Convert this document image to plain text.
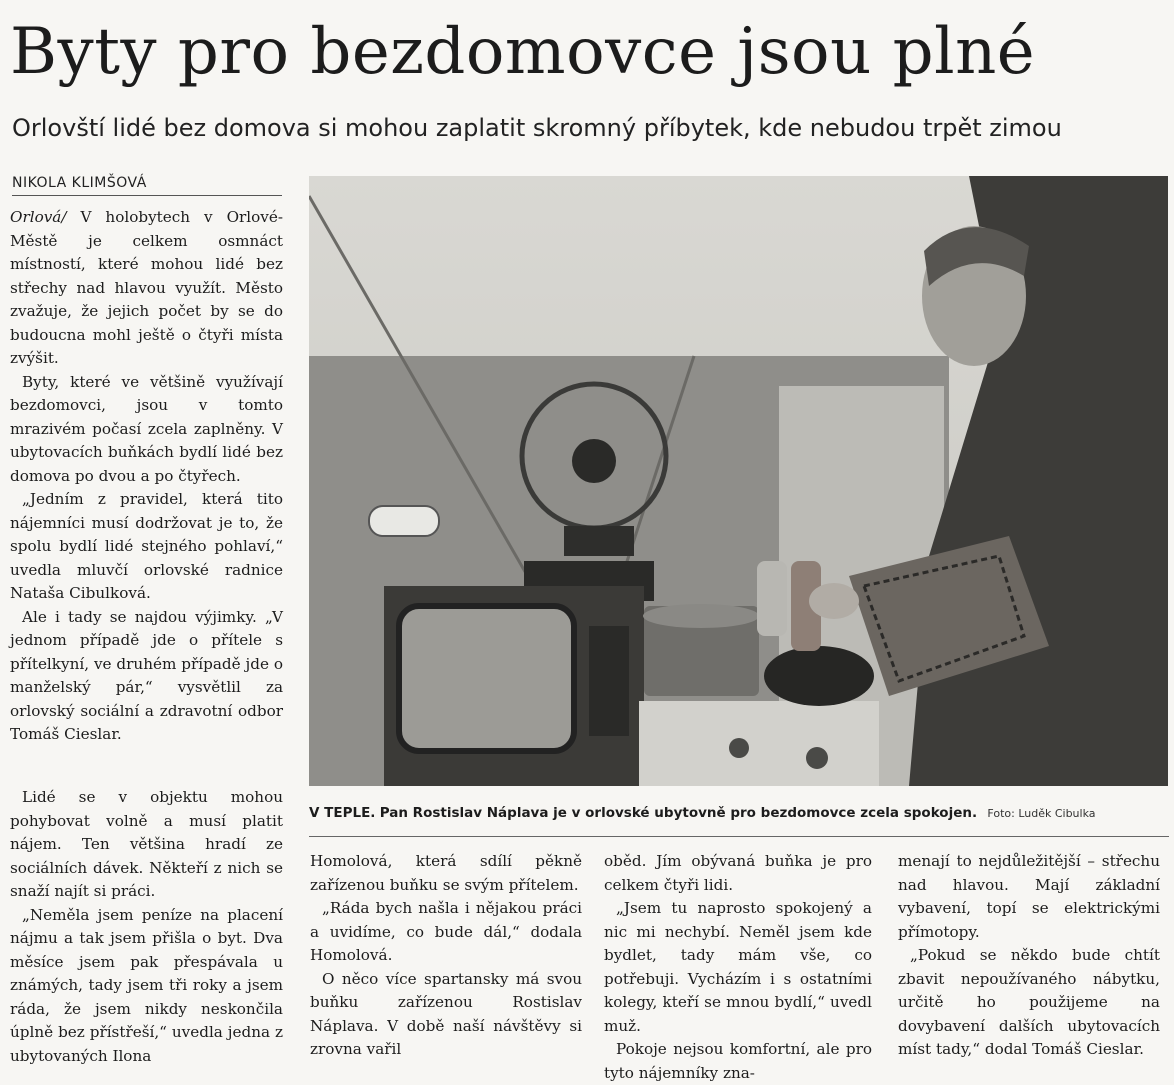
Byty pro bezdomovce jsou plné
Orlovští lidé bez domova si mohou zaplatit skromný příbytek, kde nebudou trpět zimou
NIKOLA KLIMŠOVÁ

Orlová/ V holobytech v Orlové-Městě je celkem osmnáct místností, které mohou lidé bez střechy nad hlavou využít. Město zvažuje, že jejich počet by se do budoucna mohl ještě o čtyři místa zvýšit.

Byty, které ve většině využívají bezdomovci, jsou v tomto mrazivém počasí zcela zaplněny. V ubytovacích buňkách bydlí lidé bez domova po dvou a po čtyřech.

„Jedním z pravidel, která tito nájemníci musí dodržovat je to, že spolu bydlí lidé stejného pohlaví,“ uvedla mluvčí orlovské radnice Nataša Cibulková.

Ale i tady se najdou výjimky. „V jednom případě jde o přítele s přítelkyní, ve druhém případě jde o manželský pár,“ vysvětlil za orlovský sociální a zdravotní odbor Tomáš Cieslar.

Lidé se v objektu mohou pohybovat volně a musí platit nájem. Ten většina hradí ze sociálních dávek. Někteří z nich se snaží najít si práci.

„Neměla jsem peníze na placení nájmu a tak jsem přišla o byt. Dva měsíce jsem pak přespávala u známých, tady jsem tři roky a jsem ráda, že jsem nikdy neskončila úplně bez přístřeší,“ uvedla jedna z ubytovaných Ilona

V TEPLE. Pan Rostislav Náplava je v orlovské ubytovně pro bezdomovce zcela spokojen. Foto: Luděk Cibulka

Homolová, která sdílí pěkně zařízenou buňku se svým přítelem.

„Ráda bych našla i nějakou práci a uvidíme, co bude dál,“ dodala Homolová.

O něco více spartansky má svou buňku zařízenou Rostislav Náplava. V době naší návštěvy si zrovna vařil

oběd. Jím obývaná buňka je pro celkem čtyři lidi.

„Jsem tu naprosto spokojený a nic mi nechybí. Neměl jsem kde bydlet, tady mám vše, co potřebuji. Vycházím i s ostatními kolegy, kteří se mnou bydlí,“ uvedl muž.

Pokoje nejsou komfortní, ale pro tyto nájemníky zna-

menají to nejdůležitější – střechu nad hlavou. Mají základní vybavení, topí se elektrickými přímotopy.

„Pokud se někdo bude chtít zbavit nepoužívaného nábytku, určitě ho použijeme na dovybavení dalších ubytovacích míst tady,“ dodal Tomáš Cieslar.
